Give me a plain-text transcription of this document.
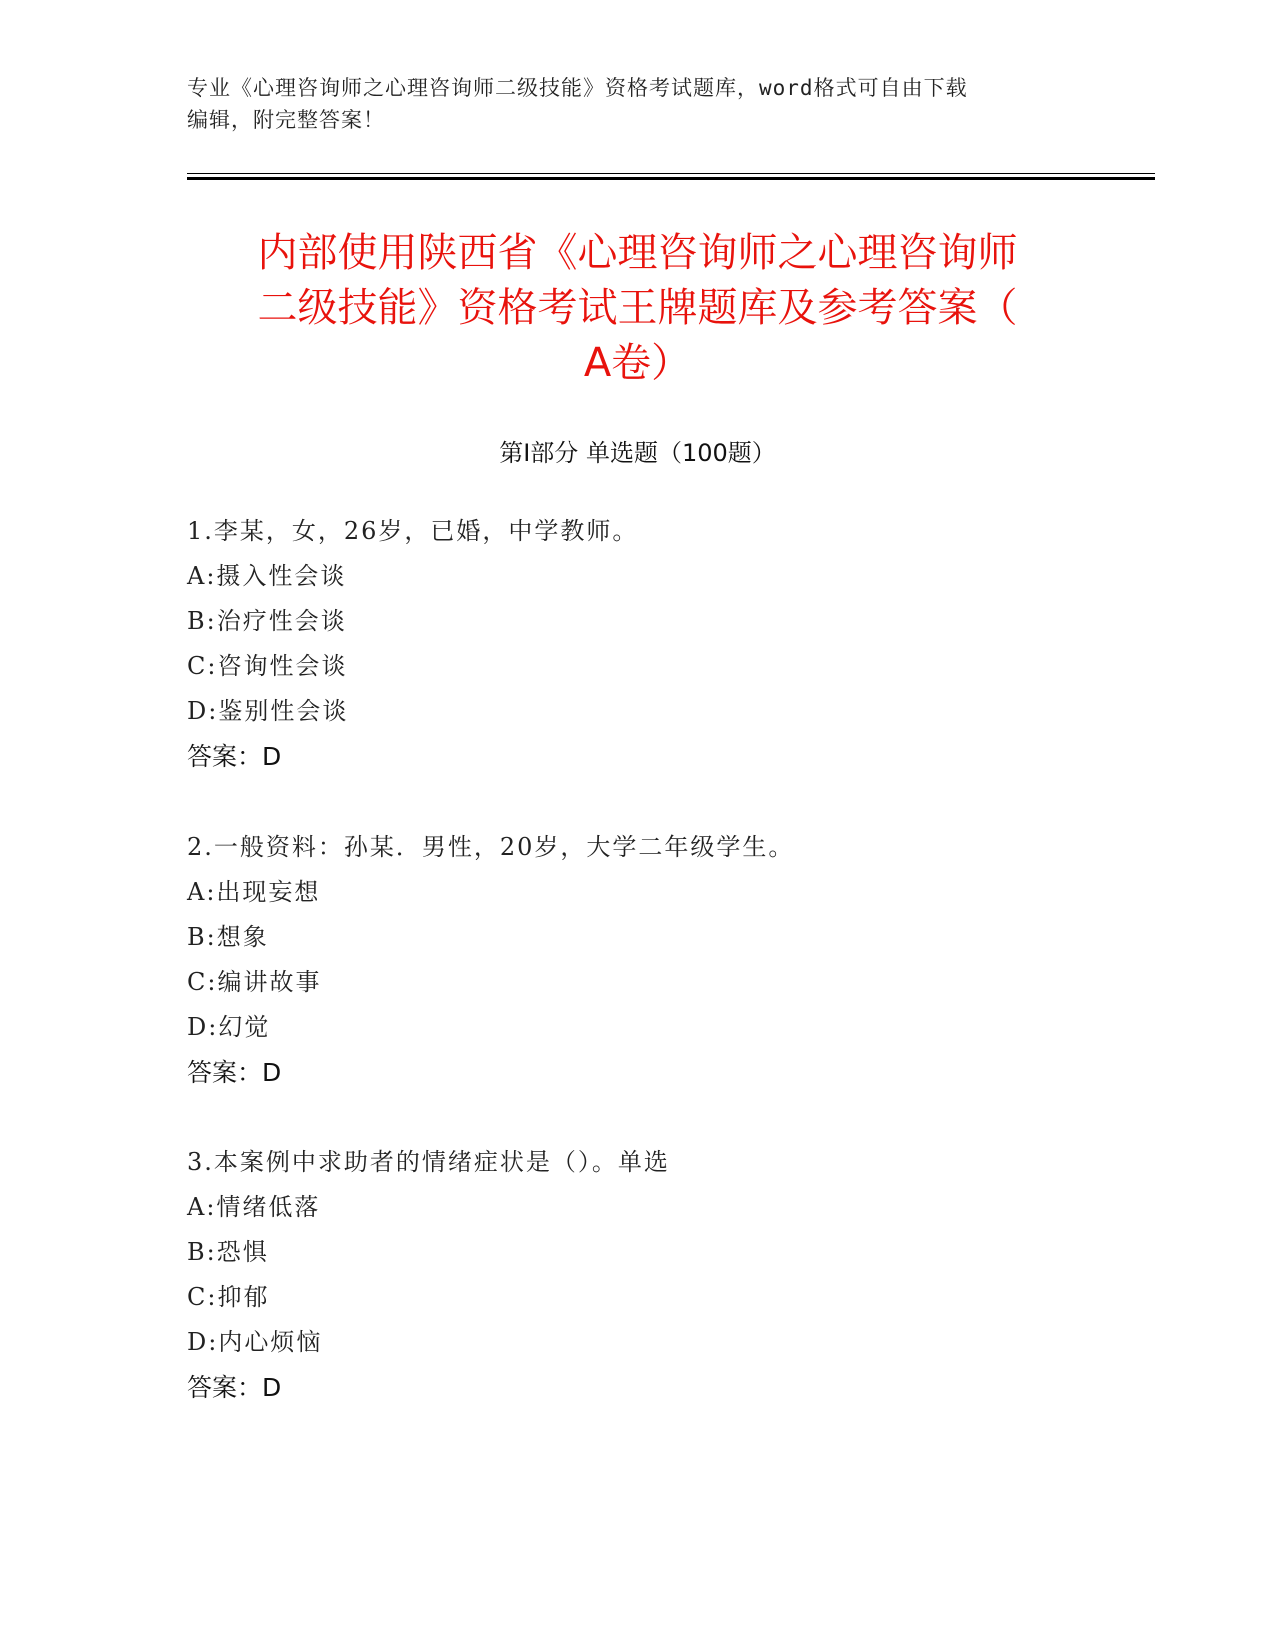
专业《心理咨询师之心理咨询师二级技能》资格考试题库，word格式可自由下载
编辑，附完整答案！
内部使用陕西省《心理咨询师之心理咨询师
二级技能》资格考试王牌题库及参考答案（
A卷）
第Ⅰ部分 单选题（100题）
1.李某，女，26岁，已婚，中学教师。
A:摄入性会谈
B:治疗性会谈
C:咨询性会谈
D:鉴别性会谈
答案：D
2.一般资料：孙某．男性，20岁，大学二年级学生。
A:出现妄想
B:想象
C:编讲故事
D:幻觉
答案：D
3.本案例中求助者的情绪症状是（）。单选
A:情绪低落
B:恐惧
C:抑郁
D:内心烦恼
答案：D
